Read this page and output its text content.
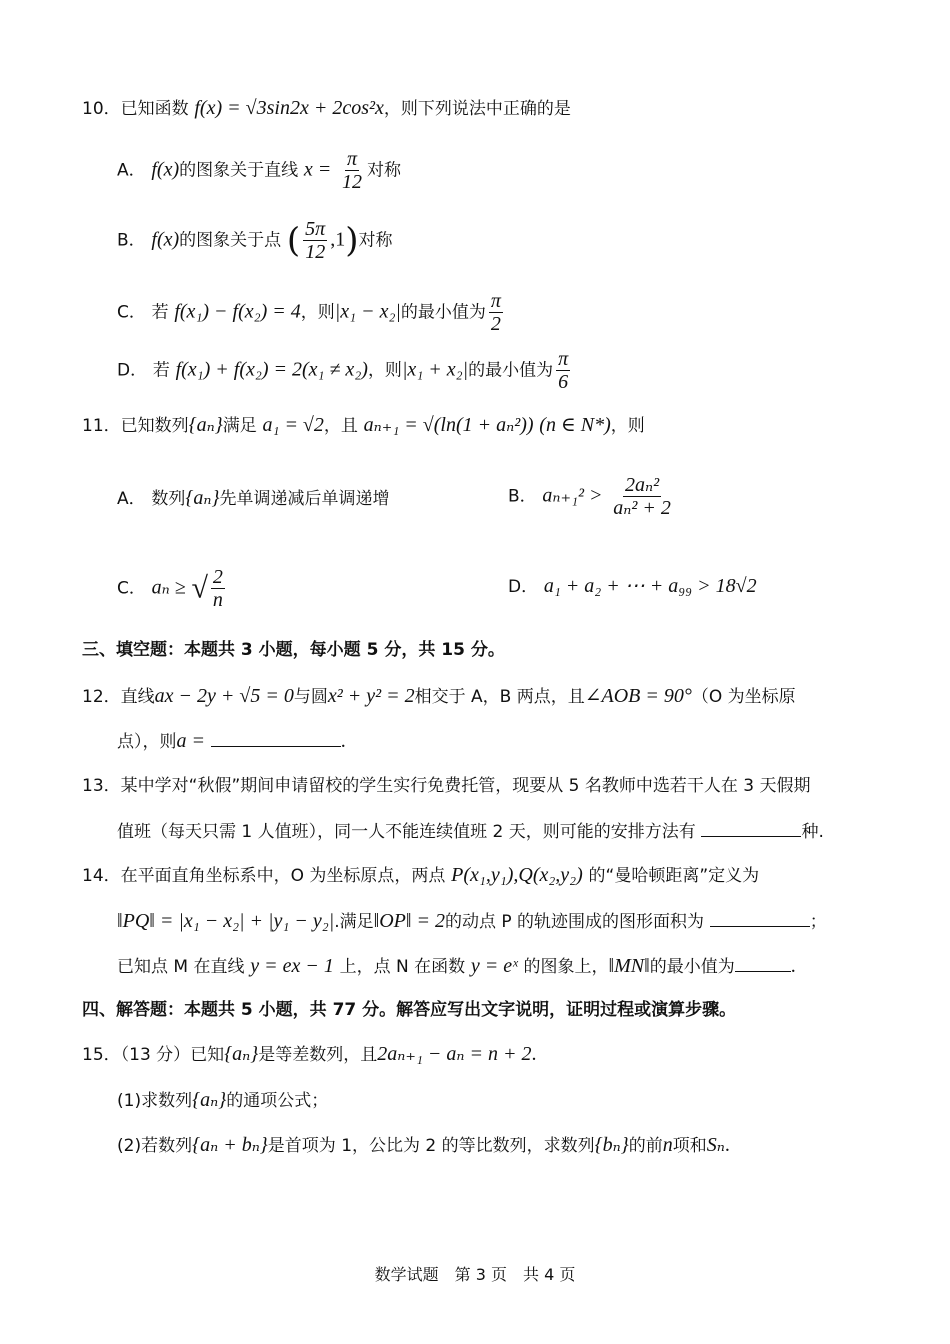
10．已知函数 f(x) = √3sin2x + 2cos²x，则下列说法中正确的是
A． f(x)的图象关于直线 $x = \frac{\pi}{12}$ 对称
B． f(x)的图象关于点 ( $\frac{5\pi}{12} ,1$)对称
C． 若 f(x₁) − f(x₂) = 4，则|x₁ − x₂|的最小值为 $\frac{\pi}{2}$
D． 若 f(x₁) + f(x₂) = 2(x₁ ≠ x₂)，则|x₁ + x₂|的最小值为 $\frac{\pi}{6}$
11．已知数列{aₙ}满足 a₁ = √2，且 aₙ₊₁ = √(ln(1 + aₙ²)) (n ∈ N*)，则
A． 数列{aₙ}先单调递减后单调递增	B． $a_{n+1}^2 > \frac{\text{2aₙ²}}{\text{aₙ² + 2}}$
C． aₙ ≥ √ $\frac{2}{n}$	D． a₁ + a₂ + ⋯ + a₉₉ > 18√2
三、填空题：本题共 3 小题，每小题 5 分，共 15 分。
12．直线ax − 2y + √5 = 0与圆x² + y² = 2相交于 A，B 两点，且∠AOB = 90°（O 为坐标原
点），则a =	.
13．某中学对“秋假”期间申请留校的学生实行免费托管，现要从 5 名教师中选若干人在 3 天假期
值班（每天只需 1 人值班），同一人不能连续值班 2 天，则可能的安排方法有	种.
14．在平面直角坐标系中，O 为坐标原点，两点 P(x₁,y₁),Q(x₂,y₂) 的“曼哈顿距离”定义为
‖PQ‖ = |x₁ − x₂| + |y₁ − y₂|.满足‖OP‖ = 2的动点 P 的轨迹围成的图形面积为	；
已知点 M 在直线 y = ex − 1 上，点 N 在函数 y = eˣ 的图象上，‖MN‖的最小值为	.
四、解答题：本题共 5 小题，共 77 分。解答应写出文字说明，证明过程或演算步骤。
15．（13 分）已知{aₙ}是等差数列，且2aₙ₊₁ − aₙ = n + 2.
(1)求数列{aₙ}的通项公式；
(2)若数列{aₙ + bₙ}是首项为 1，公比为 2 的等比数列，求数列{bₙ}的前n项和Sₙ.
数学试题　第 3 页　共 4 页
